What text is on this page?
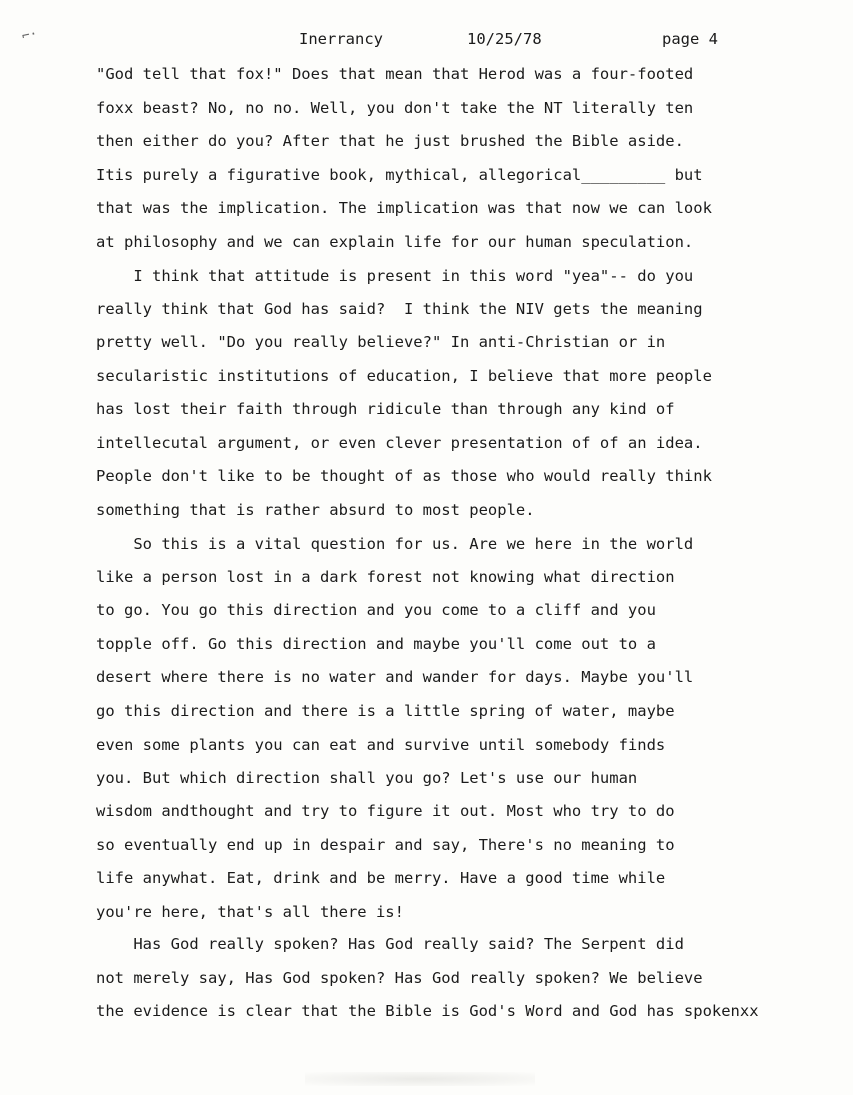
⌐·	Inerrancy	10/25/78	page 4
"God tell that fox!" Does that mean that Herod was a four-footed
foxx beast? No, no no. Well, you don't take the NT literally ten
then either do you? After that he just brushed the Bible aside.
Itis purely a figurative book, mythical, allegorical_________ but
that was the implication. The implication was that now we can look
at philosophy and we can explain life for our human speculation.
I think that attitude is present in this word "yea"-- do you
really think that God has said?  I think the NIV gets the meaning
pretty well. "Do you really believe?" In anti-Christian or in
secularistic institutions of education, I believe that more people
has lost their faith through ridicule than through any kind of
intellecutal argument, or even clever presentation of of an idea.
People don't like to be thought of as those who would really think
something that is rather absurd to most people.
So this is a vital question for us. Are we here in the world
like a person lost in a dark forest not knowing what direction
to go. You go this direction and you come to a cliff and you
topple off. Go this direction and maybe you'll come out to a
desert where there is no water and wander for days. Maybe you'll
go this direction and there is a little spring of water, maybe
even some plants you can eat and survive until somebody finds
you. But which direction shall you go? Let's use our human
wisdom andthought and try to figure it out. Most who try to do
so eventually end up in despair and say, There's no meaning to
life anywhat. Eat, drink and be merry. Have a good time while
you're here, that's all there is!
Has God really spoken? Has God really said? The Serpent did
not merely say, Has God spoken? Has God really spoken? We believe
the evidence is clear that the Bible is God's Word and God has spokenxx
